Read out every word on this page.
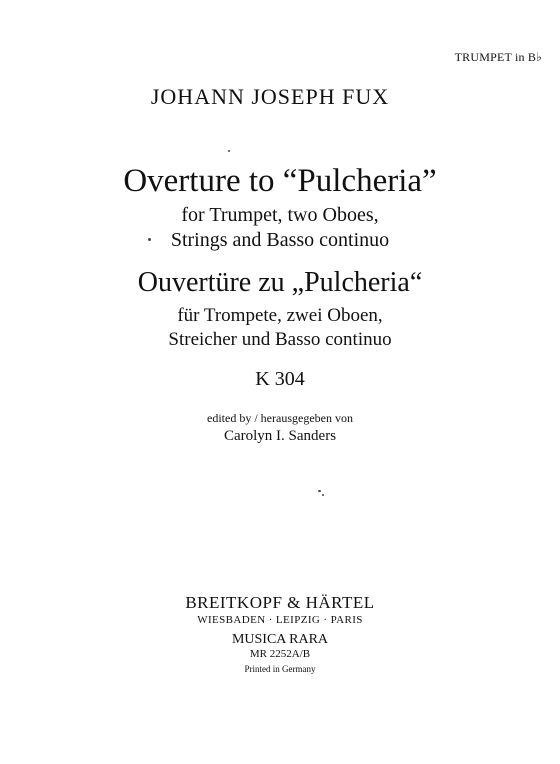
TRUMPET in B♭
JOHANN JOSEPH FUX
Overture to “Pulcheria”
for Trumpet, two Oboes,
Strings and Basso continuo
Ouvertüre zu „Pulcheria“
für Trompete, zwei Oboen,
Streicher und Basso continuo
K 304
edited by / herausgegeben von
Carolyn I. Sanders
BREITKOPF & HÄRTEL
WIESBADEN · LEIPZIG · PARIS
MUSICA RARA
MR 2252A/B
Printed in Germany
